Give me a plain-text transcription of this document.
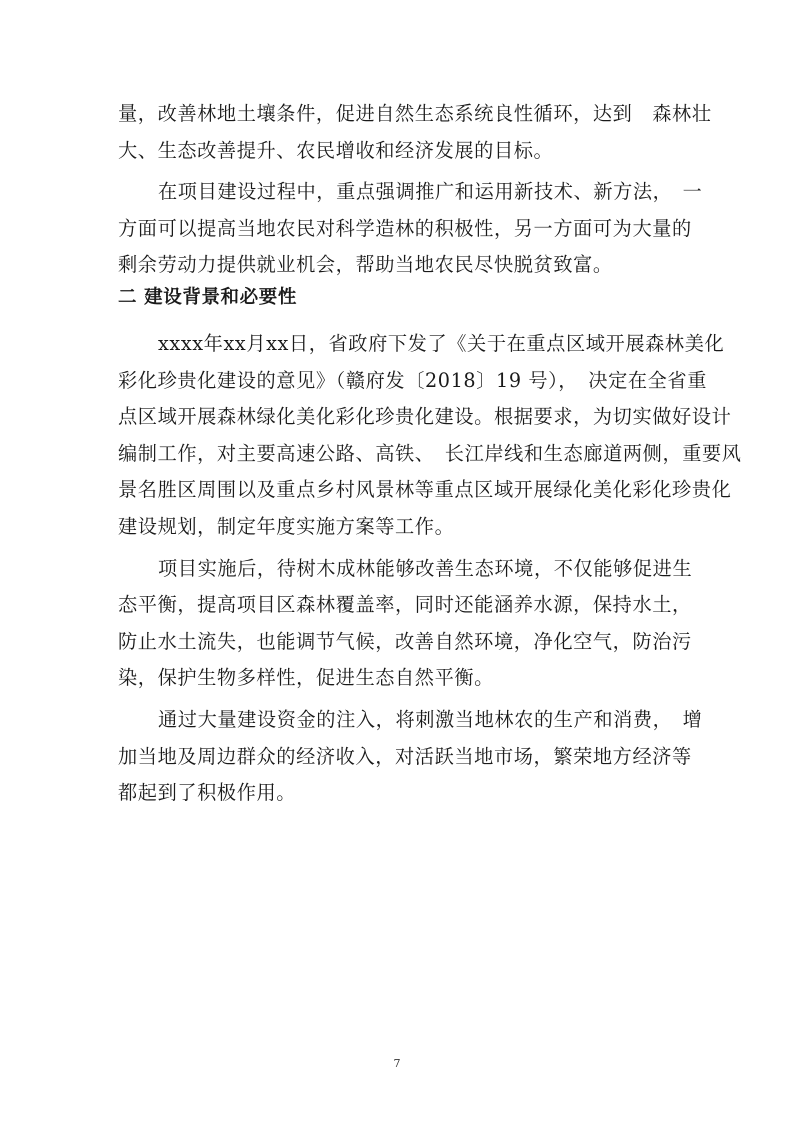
量，改善林地土壤条件，促进自然生态系统良性循环，达到　森林壮
大、生态改善提升、农民增收和经济发展的目标。

在项目建设过程中，重点强调推广和运用新技术、新方法，　一
方面可以提高当地农民对科学造林的积极性，另一方面可为大量的
剩余劳动力提供就业机会，帮助当地农民尽快脱贫致富。

二 建设背景和必要性

xxxx年xx月xx日，省政府下发了《关于在重点区域开展森林美化
彩化珍贵化建设的意见》（赣府发〔2018〕19 号），　决定在全省重
点区域开展森林绿化美化彩化珍贵化建设。根据要求，为切实做好设计
编制工作，对主要高速公路、高铁、　长江岸线和生态廊道两侧，重要风
景名胜区周围以及重点乡村风景林等重点区域开展绿化美化彩化珍贵化
建设规划，制定年度实施方案等工作。

项目实施后，待树木成林能够改善生态环境，不仅能够促进生
态平衡，提高项目区森林覆盖率，同时还能涵养水源，保持水土，
防止水土流失，也能调节气候，改善自然环境，净化空气，防治污
染，保护生物多样性，促进生态自然平衡。

通过大量建设资金的注入，将刺激当地林农的生产和消费，　增
加当地及周边群众的经济收入，对活跃当地市场，繁荣地方经济等
都起到了积极作用。

7
